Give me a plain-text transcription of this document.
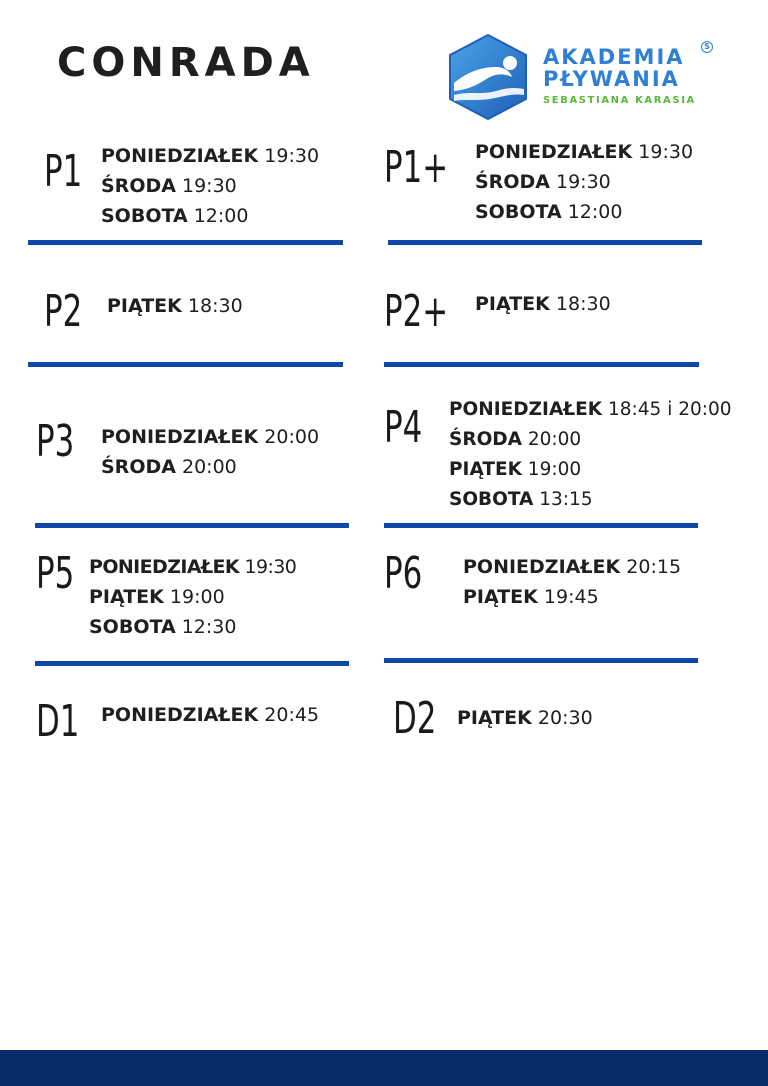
CONRADA	AKADEMIA	S
PŁYWANIA
SEBASTIANA KARASIA
P1 PONIEDZIAŁEK 19:30
ŚRODA 19:30
SOBOTA 12:00
P1+ PONIEDZIAŁEK 19:30
ŚRODA 19:30
SOBOTA 12:00
P2 PIĄTEK 18:30	P2+ PIĄTEK 18:30
P3 PONIEDZIAŁEK 20:00
ŚRODA 20:00
P4 PONIEDZIAŁEK 18:45 i 20:00
ŚRODA 20:00
PIĄTEK 19:00
SOBOTA 13:15
P5 PONIEDZIAŁEK 19:30
PIĄTEK 19:00
SOBOTA 12:30
P6 PONIEDZIAŁEK 20:15
PIĄTEK 19:45
D1 PONIEDZIAŁEK 20:45 D2 PIĄTEK 20:30
